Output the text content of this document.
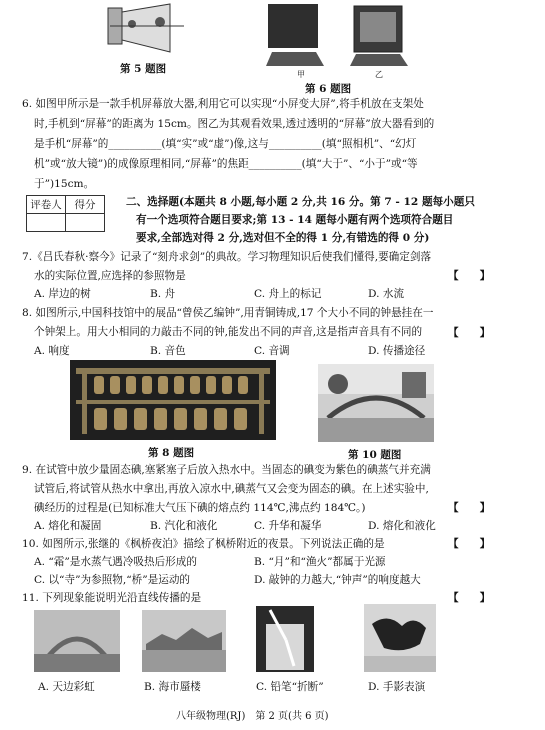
第 5 题图
手机支架
甲	乙
第 6 题图
6. 如图甲所示是一款手机屏幕放大器,利用它可以实现“小屏变大屏”,将手机放在支架处
时,手机到“屏幕”的距离为 15cm。图乙为其观看效果,透过透明的“屏幕”放大器看到的
是手机“屏幕”的__________(填“实”或“虚”)像,这与__________(填“照相机”、“幻灯
机”或“放大镜”)的成像原理相同,“屏幕”的焦距__________(填“大于”、“小于”或“等
于”)15cm。
评卷人	得分
		二、选择题(本题共 8 小题,每小题 2 分,共 16 分。第 7 - 12 题每小题只
有一个选项符合题目要求;第 13 - 14 题每小题有两个选项符合题目
要求,全部选对得 2 分,选对但不全的得 1 分,有错选的得 0 分)
7.《吕氏春秋·察今》记录了“刻舟求剑”的典故。学习物理知识后使我们懂得,要确定剑落
水的实际位置,应选择的参照物是	【　　】
A. 岸边的树	B. 舟	C. 舟上的标记	D. 水流
8. 如图所示,中国科技馆中的展品“曾侯乙编钟”,用青铜铸成,17 个大小不同的钟悬挂在一
个钟架上。用大小相同的力敲击不同的钟,能发出不同的声音,这是指声音具有不同的 【　　】
A. 响度	B. 音色	C. 音调	D. 传播途径
第 8 题图	第 10 题图
9. 在试管中放少量固态碘,塞紧塞子后放入热水中。当固态的碘变为紫色的碘蒸气并充满
试管后,将试管从热水中拿出,再放入凉水中,碘蒸气又会变为固态的碘。在上述实验中,
碘经历的过程是(已知标准大气压下碘的熔点约 114℃,沸点约 184℃。)	【　　】
A. 熔化和凝固	B. 汽化和液化	C. 升华和凝华	D. 熔化和液化
10. 如图所示,张继的《枫桥夜泊》描绘了枫桥附近的夜景。下列说法正确的是	【　　】
A. “霜”是水蒸气遇冷吸热后形成的	B. “月”和“渔火”都属于光源
C. 以“寺”为参照物,“桥”是运动的	D. 敲钟的力越大,“钟声”的响度越大
11. 下列现象能说明光沿直线传播的是	【　　】
A. 天边彩虹	B. 海市蜃楼	C. 铅笔“折断”	D. 手影表演
八年级物理(RJ)　第 2 页(共 6 页)
